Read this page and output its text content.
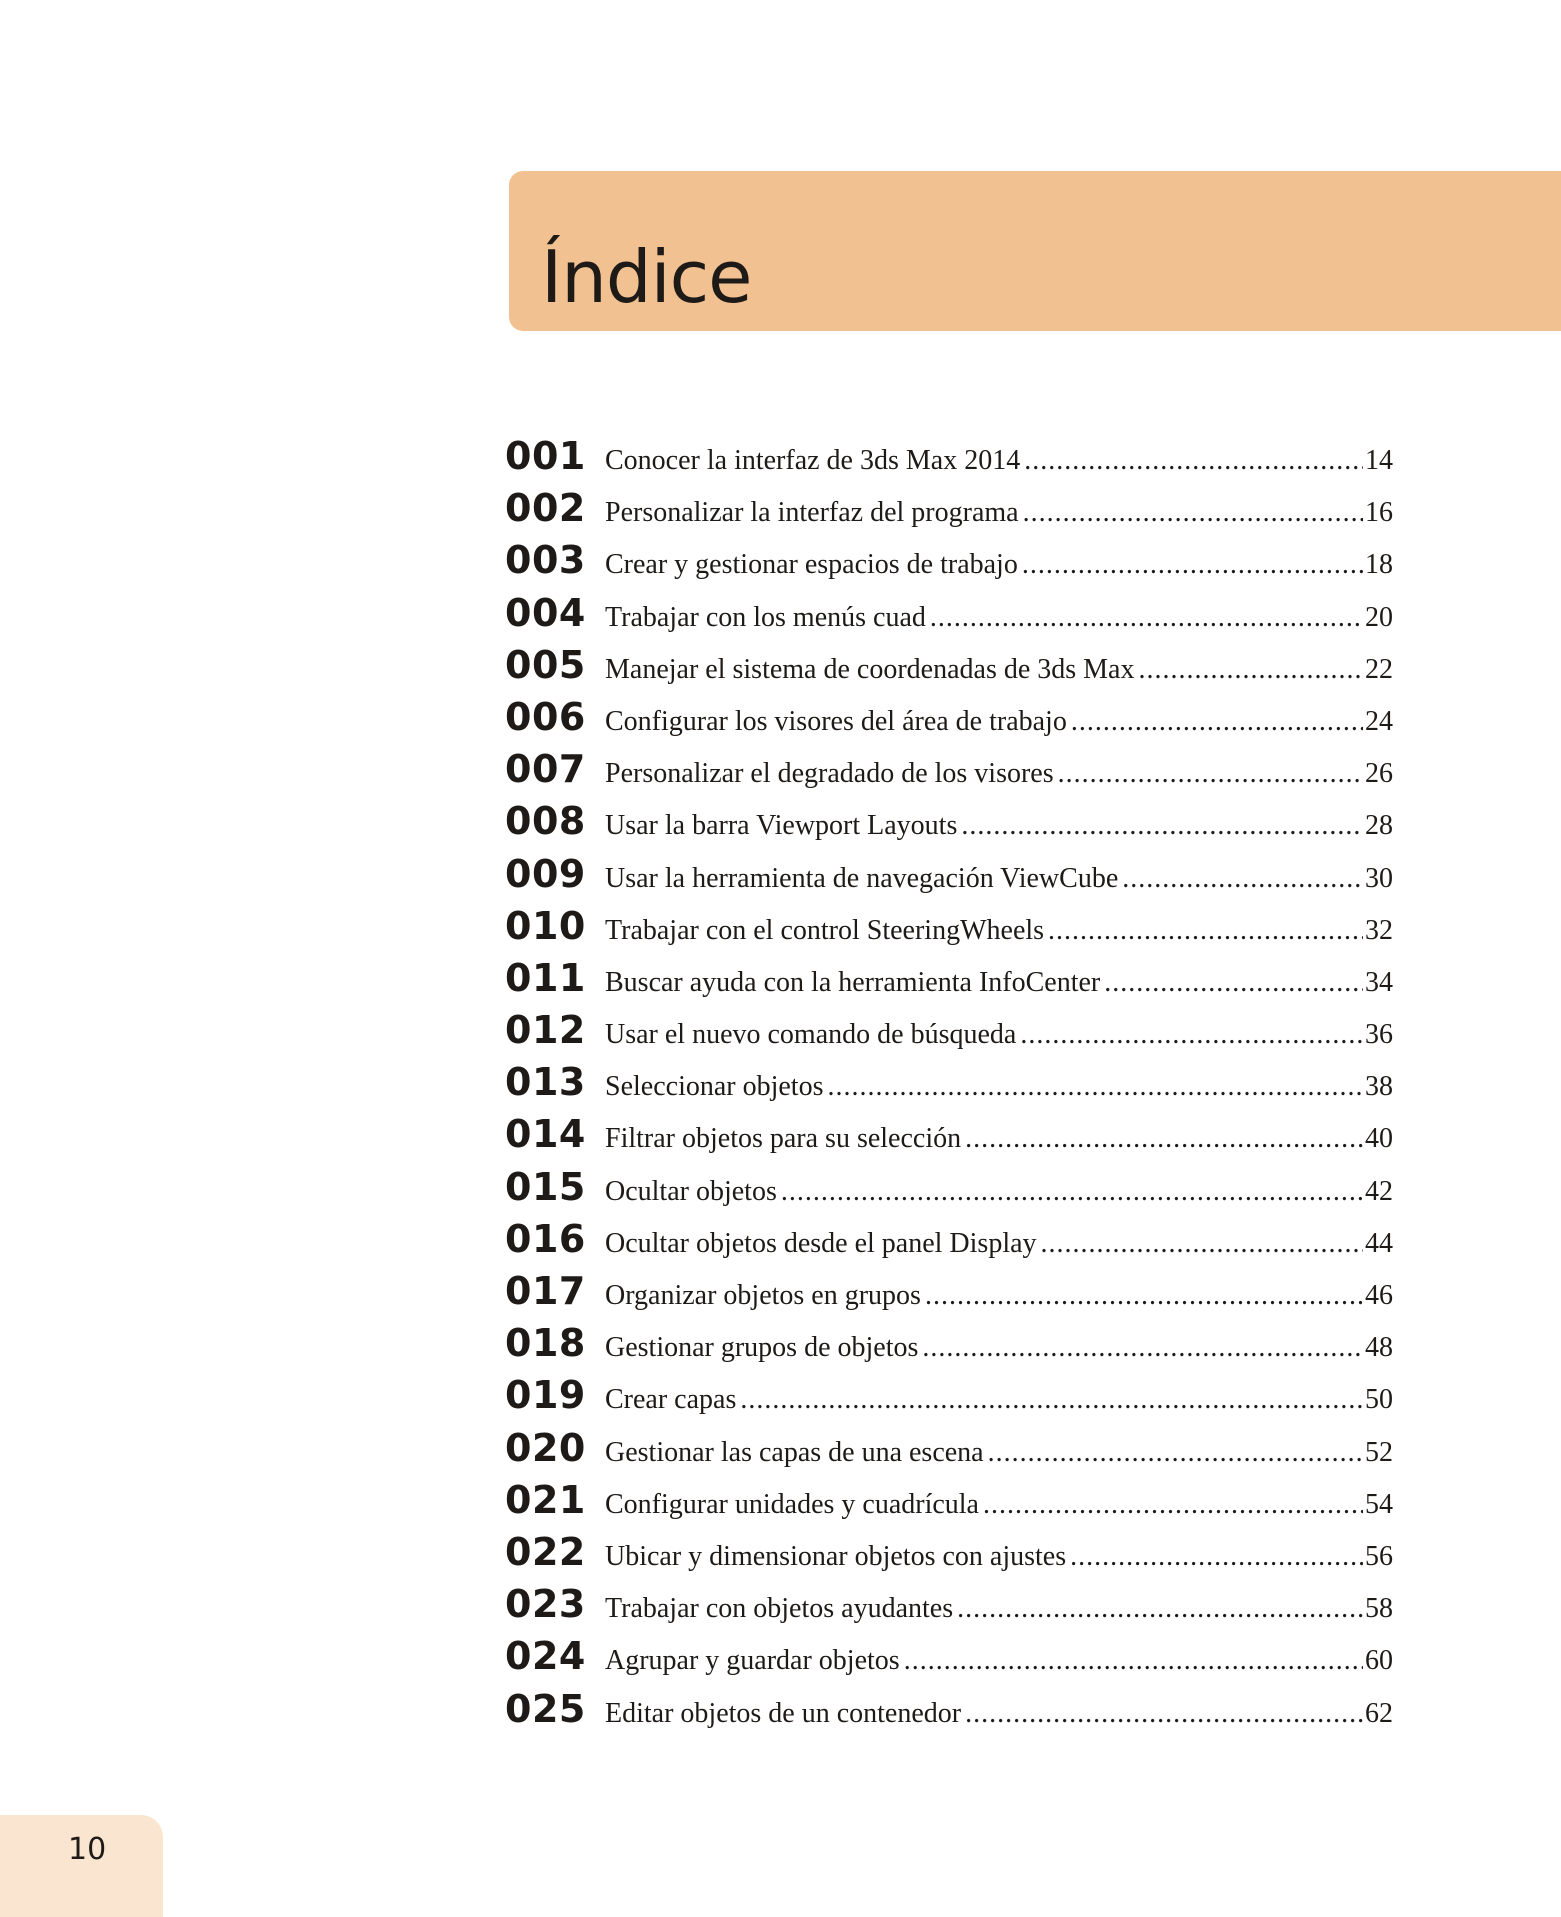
Índice
001 Conocer la interfaz de 3ds Max 2014 .....	14
002 Personalizar la interfaz del programa .....	16
003 Crear y gestionar espacios de trabajo .....	18
004 Trabajar con los menús cuad .....	20
005 Manejar el sistema de coordenadas de 3ds Max .....	22
006 Configurar los visores del área de trabajo .....	24
007 Personalizar el degradado de los visores .....	26
008 Usar la barra Viewport Layouts .....	28
009 Usar la herramienta de navegación ViewCube .....	30
010 Trabajar con el control SteeringWheels .....	32
011 Buscar ayuda con la herramienta InfoCenter .....	34
012 Usar el nuevo comando de búsqueda .....	36
013 Seleccionar objetos .....	38
014 Filtrar objetos para su selección .....	40
015 Ocultar objetos .....	42
016 Ocultar objetos desde el panel Display .....	44
017 Organizar objetos en grupos .....	46
018 Gestionar grupos de objetos .....	48
019 Crear capas .....	50
020 Gestionar las capas de una escena .....	52
021 Configurar unidades y cuadrícula .....	54
022 Ubicar y dimensionar objetos con ajustes .....	56
023 Trabajar con objetos ayudantes .....	58
024 Agrupar y guardar objetos .....	60
025 Editar objetos de un contenedor .....	62
10
